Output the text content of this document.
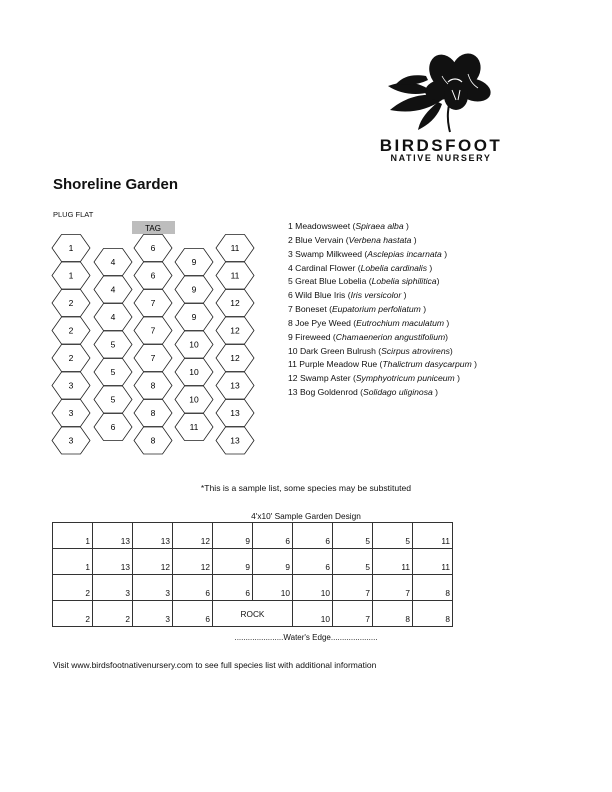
BIRDSFOOT
NATIVE NURSERY
Shoreline Garden
PLUG FLAT
TAG
1
1
2
2
2
3
3
3
4
4
4
5
5
5
6
6
6
7
7
7
8
8
8
9
9
9
10
10
10
11
11
11
12
12
12
13
13
13
1 Meadowsweet (Spiraea alba )
2 Blue Vervain (Verbena hastata )
3 Swamp Milkweed (Asclepias incarnata )
4 Cardinal Flower (Lobelia cardinalis )
5 Great Blue Lobelia (Lobelia siphilitica)
6 Wild Blue Iris (Iris versicolor )
7 Boneset (Eupatorium perfoliatum )
8 Joe Pye Weed (Eutrochium maculatum )
9 Fireweed (Chamaenerion angustifolium)
10 Dark Green Bulrush (Scirpus atrovirens)
11 Purple Meadow Rue (Thalictrum dasycarpum )
12 Swamp Aster (Symphyotricum puniceum )
13 Bog Goldenrod (Solidago uliginosa )
*This is a sample list, some species may be substituted
4'x10' Sample Garden Design
1	13	13	12	9	6	6	5	5	11
1	13	12	12	9	9	6	5	11	11
2	3	3	6	6	10	10	7	7	8
2	2	3	6	ROCK		10	7	8	8
......................Water's Edge.....................
Visit www.birdsfootnativenursery.com to see full species list with additional information
